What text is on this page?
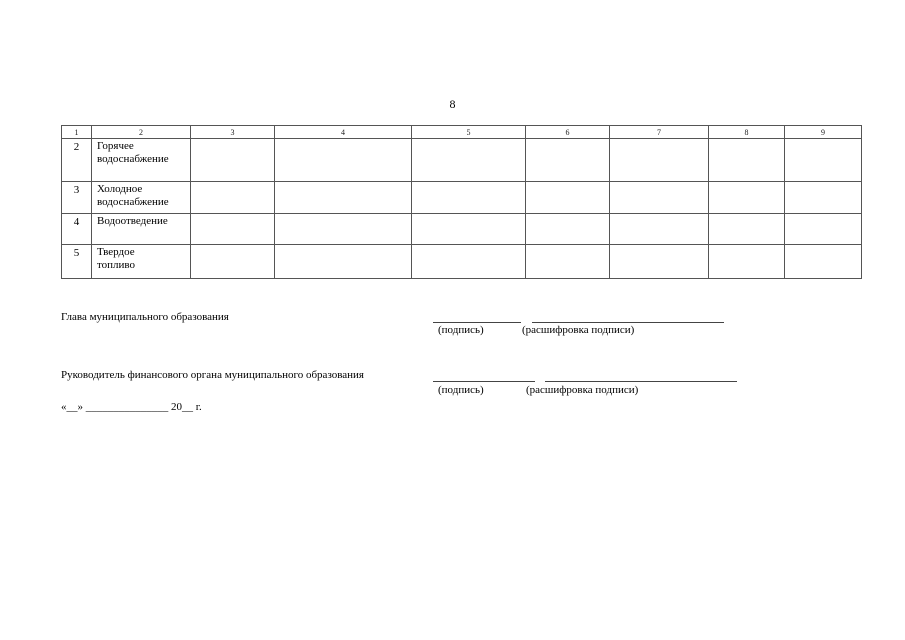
8
1	2	3	4	5	6	7	8	9
2	Горячее
водоснабжение							

3	Холодное
водоснабжение							

4	Водоотведение							

5	Твердое
топливо							

Глава муниципального образования
(подпись)	(расшифровка подписи)
Руководитель финансового органа муниципального образования
(подпись)	(расшифровка подписи)
«__» _______________ 20__ г.
